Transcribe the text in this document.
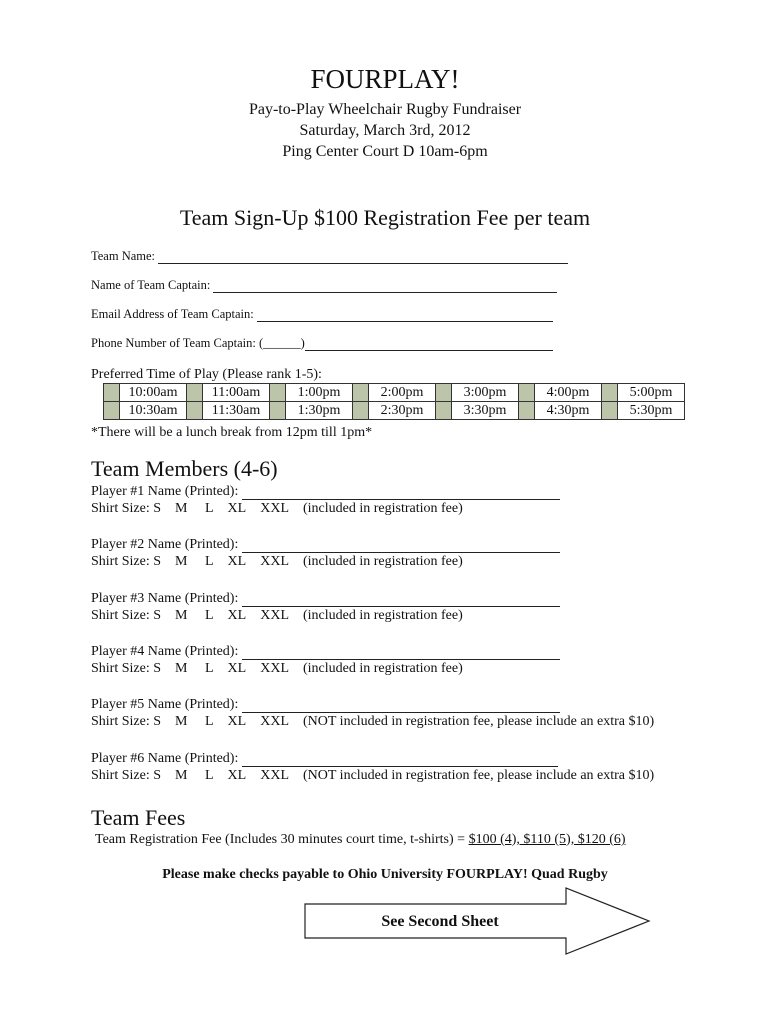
FOURPLAY!
Pay-to-Play Wheelchair Rugby Fundraiser
Saturday, March 3rd, 2012
Ping Center Court D 10am-6pm
Team Sign-Up $100 Registration Fee per team
Team Name:
Name of Team Captain:
Email Address of Team Captain:
Phone Number of Team Captain: (______)
Preferred Time of Play (Please rank 1-5):
	10:00am		11:00am		1:00pm		2:00pm		3:00pm		4:00pm		5:00pm
	10:30am		11:30am		1:30pm		2:30pm		3:30pm		4:30pm		5:30pm
*There will be a lunch break from 12pm till 1pm*
Team Members (4-6)
Player #1 Name (Printed):
Shirt Size: S M L XL XXL (included in registration fee)
Player #2 Name (Printed):
Shirt Size: S M L XL XXL (included in registration fee)
Player #3 Name (Printed):
Shirt Size: S M L XL XXL (included in registration fee)
Player #4 Name (Printed):
Shirt Size: S M L XL XXL (included in registration fee)
Player #5 Name (Printed):
Shirt Size: S M L XL XXL (NOT included in registration fee, please include an extra $10)
Player #6 Name (Printed):
Shirt Size: S M L XL XXL (NOT included in registration fee, please include an extra $10)
Team Fees
Team Registration Fee (Includes 30 minutes court time, t-shirts) = $100 (4), $110 (5), $120 (6)
Please make checks payable to Ohio University FOURPLAY! Quad Rugby
See Second Sheet
